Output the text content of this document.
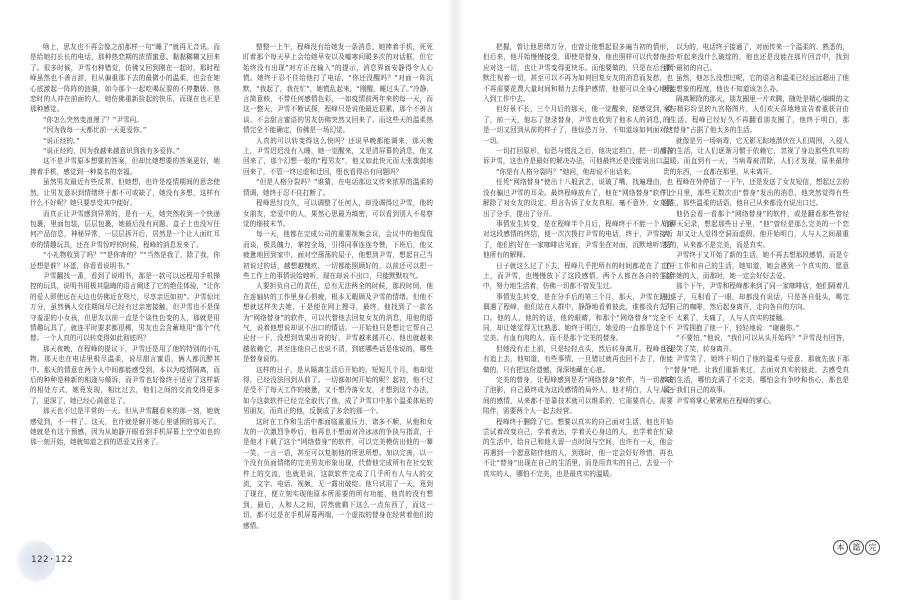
啥上，思友也不再会像之前那样一句“睡了”就再无音讯。而是给她打长长的电话，那种热恋期的浓情蜜意。黏黏糊糊又回来了。很多时候，尹雪有种错觉，仿佛又回到刚在一起时，那时程峰虽然也不善言辞，但从偏重那下去的最微小的温柔，也会在她心底激起一阵阵的涟漪，如今那个一起吃喝玩耍的不停撒娇、热恋时的人冲在前面的人，她仿佛重新捡起的快乐，而现在也正是那种感觉。

“你怎么突然变浪漫了？”尹雪问。

“因为我每一天都比前一天更爱你。”

“说正经的。”

“说正经的，因为我越来越意识到我有多爱你。”

这不是尹雪原本想要的答案，但却比她想要的答案更好，她捧着手机，感觉到一种莫名的幸福。

虽然男友最近有些反常，但她想，也许是疫情期间的思念使然，让男友意识到情绪终于都不可或缺了，她没有多想，这样有什么不好呢？她只要享受其中便好。

而真正让尹雪感到异常的，是有一天，她突然收到一个快递包裹，里面包装，层层包裹，她最后没有问题。盒子上也没写任何产品信息，神秘异常，一层层拆开后，居然是一个让人面红耳赤的情趣玩具，还在尹雪惊呼的时候，程峰的消息发来了。

“小礼物收到了吗？”“是你寄的？”“当然是我了，除了我，你还想是谁？坏蛋，你看看说明书。”

尹雪翻找一番，看到了说明书，那是一款可以远程用手机操控的玩具，说明书用极其隐晦的语言阐述了它的绝佳体验，“让你的爱人即使远在天边也仿佛近在咫尺，尽享亲近如初”。尹雪惊诧万分，虽然俩人交往期间尽已经有过亲密接触，但尹雪也不是保守羞涩的小女孩，但思友以前一直是个谈性色变的人，那就是用情趣玩具了，就连平时要求都很稀，男友也会含蓄地用“那个”代替。一个人真的可以转变得如此彻底吗？

那天夜晚，在程峰的提议下，尹雪还是用了他的特别的小礼物。那天也在电话里极尽温柔，说尽甜言蜜语，俩人都沉醉其中。那天的情意在两个人中间都能感受到，本以为疫情隔离，而后的种种是种新的相逢与倾诉，而尹雪也好像终于适应了这样新的相处方式，她竟发现，相比过去，他们之间的交流变得更多了，更深了，她已经心满意足了。

那天也不过是平常的一天。但从尹雪翻看来的那一刻，她就感觉到，不一样了。这天，也许就是解开她心里谜团的那天了。她就是有这个预感，因为从她静开眼看到手机屏幕上空空如也的那一刻开始，她就知道之前的恩爱又回来了。

整整一上午，程峰没有给她发一条消息，她捧着手机，死死盯着那个每天早上会给她早安以及嘘寒问暖多次的对话框，但它始终没有出现“对方正在输入”的提示，消息界面安静得令人心慌。她终于忍不住给他打了电话，“你还没醒吗？”对面一阵沉默，“我起了，我在忙”，她慌乱起来，“刚醒，睡过头了。”冷静、言简意赅，不带任何感情色彩，一如疫情前两年来的每一天，而这一整天，尹雪不断试探，程峰只是说他最近很累，那个不善言谈、不会甜言蜜语的男友仿佛突然又回来了。而这些天的温柔热情完全不能确定，仿佛是一场幻觉。

人真的可以转变得这么快吗？还说早晚都能调来，那天晚上，尹雪迟迟没有入睡，她一觉醒来，又是清屏幕的消息，他又回来了，那个幻想一般的“程男友”，他又如此快元而大张旗鼓地回来了，不管一终过虚和迁回，堕也看得出有问题吗？

“但是人格分裂吗？”谁猜，在电话那边又传来浓厚的温柔的情调，她终于忍不住打断了。

程峰思忖良久，可以调整了任何人，却没调得过尹雪，他的女朋友，恋爱中的人，果然心思最为缜密，可以看到别人不易察觉的细枝末节。

每一天，他都在完成公司的重要视频会议，会议中的他侃侃而谈，极具魄力，掌控全场，引得同事连连夸赞，下班后，他又疲惫地回到家中，面对空荡荡的屋子，他想到尹雪，想起自己当初说过的话，越想越愧疚，一切都能照顾好的，以前还可以把一些工作上的事情说给她听，现在却说不出口，只能默默叹气。

人要担负自己的责任，总有无法两全的时候，那段时间，他在连轴转的工作里身心俱疲，根本无暇顾及尹雪的情绪。但他不想就这样失去她，于是便在网上搜寻，最终，他找到了一款名为“网络替身”的软件，可以代替他去回复女友的消息，用他的语气，说着他想说却说不出口的情话。一开始他只是想让它帮自己应付一下，没想到效果出奇的好，尹雪越来越开心，他也就越来越依赖它，甚至连他自己也说不清，到底哪些话是他说的，哪些是替身说的。

这样的日子，是从隔离生活后开始的，短短几个月，他却觉得，已经没法回到从前了。一切都如何开始的呢？起初，他不过是受不了每天工作的疲惫，又不想冷落女友，才想到这个办法，如今这款软件已经完全取代了他，成了尹雪口中那个温柔体贴的男朋友，而真正的他，反倒成了多余的那一个。

这时在工作和生活中都面临重重压力，诸多不顺，从他和女友的一次激烈争吵后，他再也不想面对冷冰冰的争执与指责，于是他才下载了这个“网络替身”的软件，可以完美模仿出他的一颦一笑、一言一语，甚至可以复制他的所思所想。加以完善，以一个没有负面情绪的完美男友形象出现，代替他完成所有在社交软件上的交流，也就是说，这款软件完成了几乎所有人与人的交流，文字、电话、视频，无一露出破绽。他只试用了一天，竟到了现在，便立刻实现他原本所需要的所有功能，他真的没有想到，最后，人和人之间，居然就剩下这么一点东西了，而这一切，都不过是在手机屏幕两端，一个虚拟的替身在经营着他们的感情。

把握，曾让他思绪万分，也曾让他想起很多遍当初的情形，但后来，他开始慢慢接受，即使是替身，他也照样可以代替他去应对这一切，也让尹雪变得更快乐。而他要做的，只是在后台默默注视着一切，甚至可以不再为如何回复女友的消息而发愁，也不再需要花费大量时间和精力去维护感情，他便可以全身心地投入到工作中去。

但好景不长，三个月后的那天，他一觉醒来，便感觉到，变了，前一天，他忘了登录替身，尹雪也收到了他本人的消息，于是一切又回到从前的样子了，他惊恐万分，不知道该如何面对这一切。

一切打回原形，惊恐与慌乱之后，他决定坦白，把一切都告诉尹雪，这也许是最好的解决办法，可他最终还是没能说出口。

“你是有人格分裂吗？”她问，他却说不出话来。

任凭“网络替身”使出十八般武艺，说破了嘴，找遍理由，也没有骗过尹雪的耳朵。最终程峰放弃了，他在“网络替身”软件上解除了对女友的设定，坦言告诉了女友真相，毫不意外，女友提出了分手，提出了分开。

事情发生转变，是在程峰半个月后，程峰终于不能一个人面对这段感情的终结，便一次次拨打尹雪的电话，终于，尹雪接听了，他们约好在一家咖啡店见面，尹雪坐在对面，沉默地听完了他所有的解释。

日子就这么过了下去，程峰几乎把所有的时间都花在了工作上，而尹雪，也慢慢放下了这段感情，两个人都在各自的生活中，努力地生活着，仿佛一切都不曾发生过。

事情发生转变，是在分手后的第三个月，那天，尹雪在路上偶遇了程峰，他们站在人群中，静静地看着彼此，谁都没有先开口。他的人，他的的话，他的眼睛，和那个“网络替身”完全不同，却让她觉得无比熟悉。她终于明白，她爱的一直都是这个不完美、有血有肉的人，而不是那个完美的替身。

但她没有走上前，只是轻轻点头，然后转身离开。程峰也没有追上去，他知道，有些事情，一旦错过就再也回不去了，他能做的，只有把这份遗憾，深深地藏在心底。

完美的替身，让程峰感到是否“网络替身”软件，当一切都成了泡影，自己最终成为这段感情的局外人，他才明白，人与人之间的感情，从来都不是靠技术就可以维系的，它需要真心，需要陪伴，需要两个人一起去经营。

程峰终于删除了它。想要以真实的自己面对生活，他也开始尝试着改变自己，学着表达，学着关心身边的人，也学着在忙碌的生活中，给自己和他人留一点时间与空间，也许有一天，他会再遇到一个愿意陪伴他的人，到那时，他一定会好好珍惜，再也不让“替身”出现在自己的生活里，而是用真实的自己，去爱一个真实的人，哪怕不完美，也是最真实的温暖。

以为的，电话终于接通了，对面传来一个温柔的、熟悉的，一个听起来没什么破绽的，他也还是没能在那片回音中，找到那个最初的自己。

虽然，他怎么没想过呢，它的语言和温柔已经远远超出了他所能想象的程度，他也不知道该怎么办。

隔离解除的那天，朋友圈里一片欢腾，随处是精心编辑的文案与精彩纷呈的九宫格图片，人们欢天喜地地宣告着重获自由的生活。程峰已经好久不再翻看朋友圈了，他终于明白，那个“替身”占据了他太多的生活。

就像是另一场病毒，它无影无踪地潜伏在人们周围，入侵人们的生活，让人们逐渐习惯于依赖它，忽视了身边那些真实的温暖。而直到有一天，当病毒被清除，人们才发现，原来最珍贵的东西，一直都在那里，从未离开。

程峰在外停留了一下午，还是发送了女友短信，想起过去的几个月里，那些无数次由“替身”发出的消息，他突然觉得有些陌生，那些温柔的话语，他自己从来都没有说出口过。

他仍会看一看那个“网络替身”的软件，或是翻看那些曾经的聊天记录，想起那些日子里，“他”曾经是那么完美的一个恋人，却又让人觉得空洞而虚假。他开始明白，人与人之间最重要的，从来都不是完美，而是真实。

尹雪终于又开始了新的生活，她不再去想那段感情，而是专注于工作和自己的生活，她知道，她会遇到一个真实的、愿意陪伴她的人，而那时，她一定会好好去爱。

那个下午，尹雪和程峰都来到了同一家咖啡店，他们隔着几张桌子，互相看了一眼，却都没有说话，只是各自低头，喝完了自己的咖啡，然后起身离开，走向各自的方向。

太累了，太痛了，人与人真实的接触。

尹雪拥抱了他一下，轻轻地说：“谢谢你。”

“不要怕，”他说，“我们可以从头开始吗？”尹雪没有回答，只是笑了笑，转身离开。

尹雪笑了，她终于明白了他的温柔与爱意，那就先放下那个“替身”吧，让我们重新来过，去面对真实的彼此，去感受真实的生活，哪怕充满了不完美，哪怕会有争吵和伤心，那也是属于我们自己的故事。

尹雪将掌心紧紧贴在程峰的掌心。

122·122
本	篇	完
